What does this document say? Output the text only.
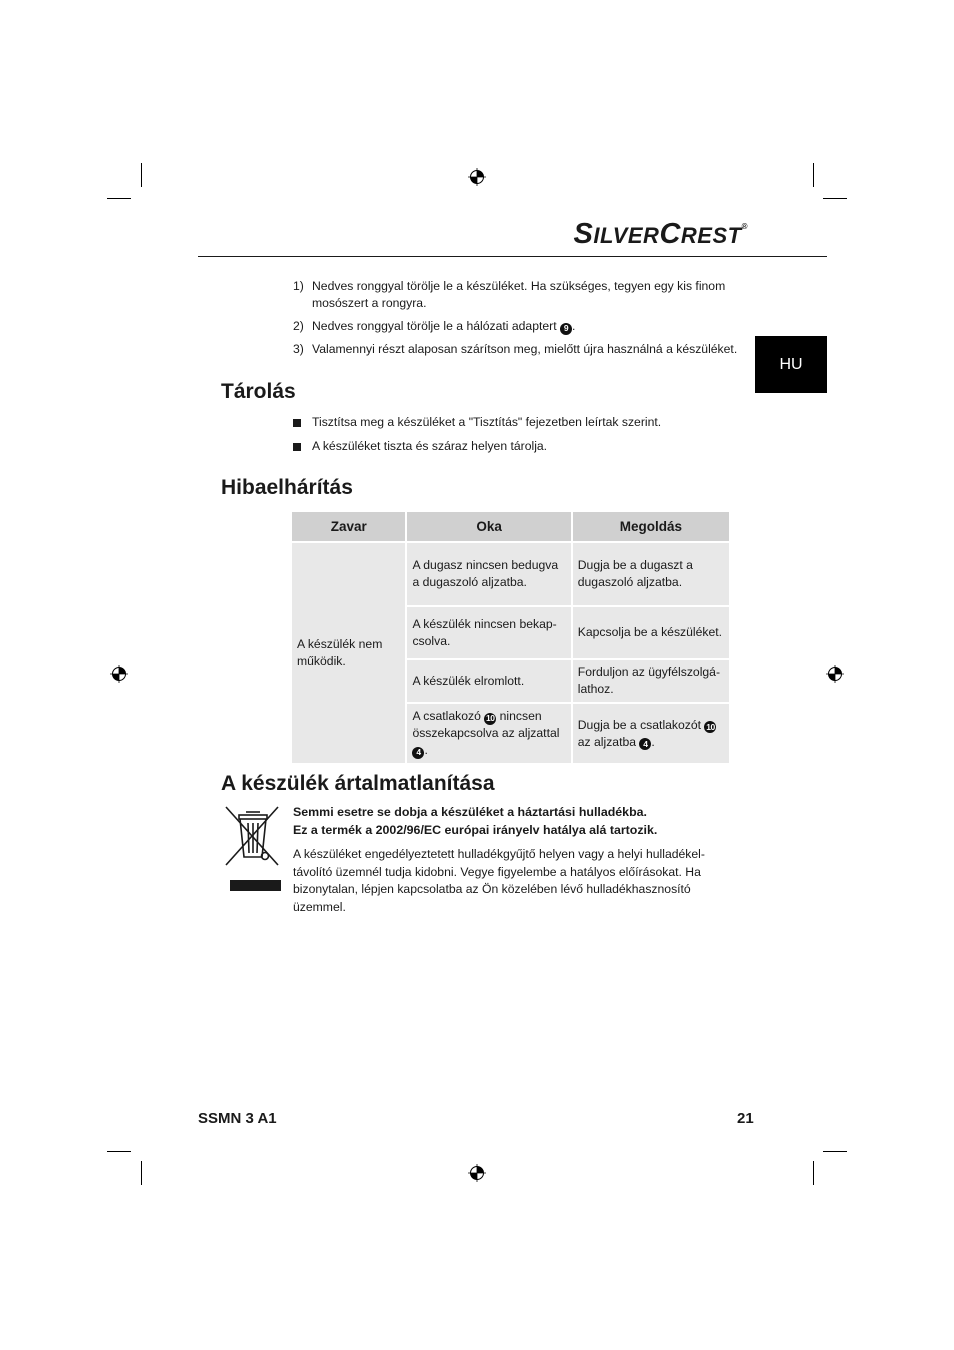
SILVERCREST®
HU
1) Nedves ronggyal törölje le a készüléket. Ha szükséges, tegyen egy kis finom mosószert a rongyra.
2) Nedves ronggyal törölje le a hálózati adaptert 9 .
3) Valamennyi részt alaposan szárítson meg, mielőtt újra használná a készüléket.
Tárolás
Tisztítsa meg a készüléket a "Tisztítás" fejezetben leírtak szerint.
A készüléket tiszta és száraz helyen tárolja.
Hibaelhárítás
Zavar	Oka	Megoldás
A készülék nem működik.	A dugasz nincsen bedugva a dugaszoló aljzatba.	Dugja be a dugaszt a dugaszoló aljzatba.
	A készülék nincsen bekap-csolva.	Kapcsolja be a készüléket.
	A készülék elromlott.	Forduljon az ügyfélszolgá-lathoz.
	A csatlakozó 10 nincsen összekapcsolva az aljzattal 4 .	Dugja be a csatlakozót 10 az aljzatba 4 .
A készülék ártalmatlanítása
Semmi esetre se dobja a készüléket a háztartási hulladékba.
Ez a termék a 2002/96/EC európai irányelv hatálya alá tartozik.
A készüléket engedélyeztetett hulladékgyűjtő helyen vagy a helyi hulladékel-távolító üzemnél tudja kidobni. Vegye figyelembe a hatályos előírásokat. Ha bizonytalan, lépjen kapcsolatba az Ön közelében lévő hulladékhasznosító üzemmel.
SSMN 3 A1	21
